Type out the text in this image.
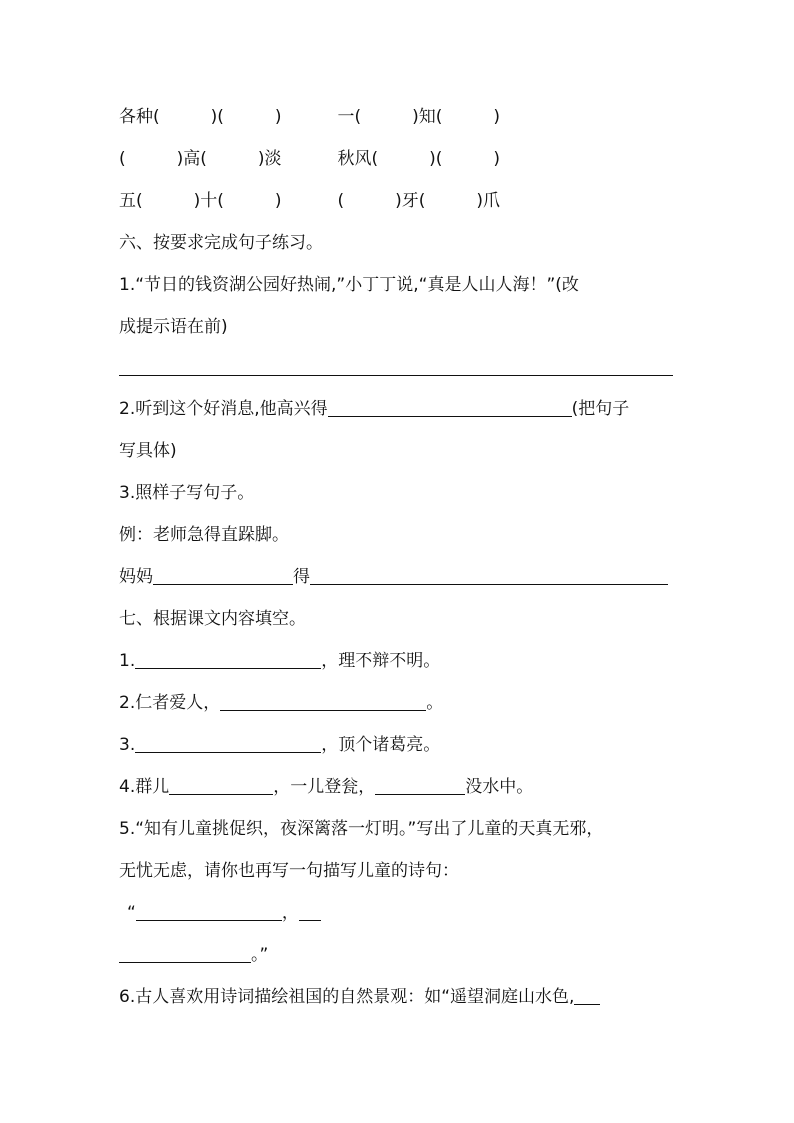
各种(　　　)(　　　)	一(　　　)知(　　　)
(　　　)高(　　　)淡	秋风(　　　)(　　　)
五(　　　)十(　　　)	(　　　)牙(　　　)爪
六、按要求完成句子练习。
1.“节日的钱资湖公园好热闹,”小丁丁说,“真是人山人海！”(改
成提示语在前)
2.听到这个好消息,他高兴得	(把句子
写具体)
3.照样子写句子。
例：老师急得直跺脚。
妈妈	得
七、根据课文内容填空。
1.	，理不辩不明。
2.仁者爱人，	。
3.	，顶个诸葛亮。
4.群儿	，一儿登瓮，	没水中。
5.“知有儿童挑促织，夜深篱落一灯明。”写出了儿童的天真无邪，
无忧无虑，请你也再写一句描写儿童的诗句：
“	，
。”
6.古人喜欢用诗词描绘祖国的自然景观：如“遥望洞庭山水色,
